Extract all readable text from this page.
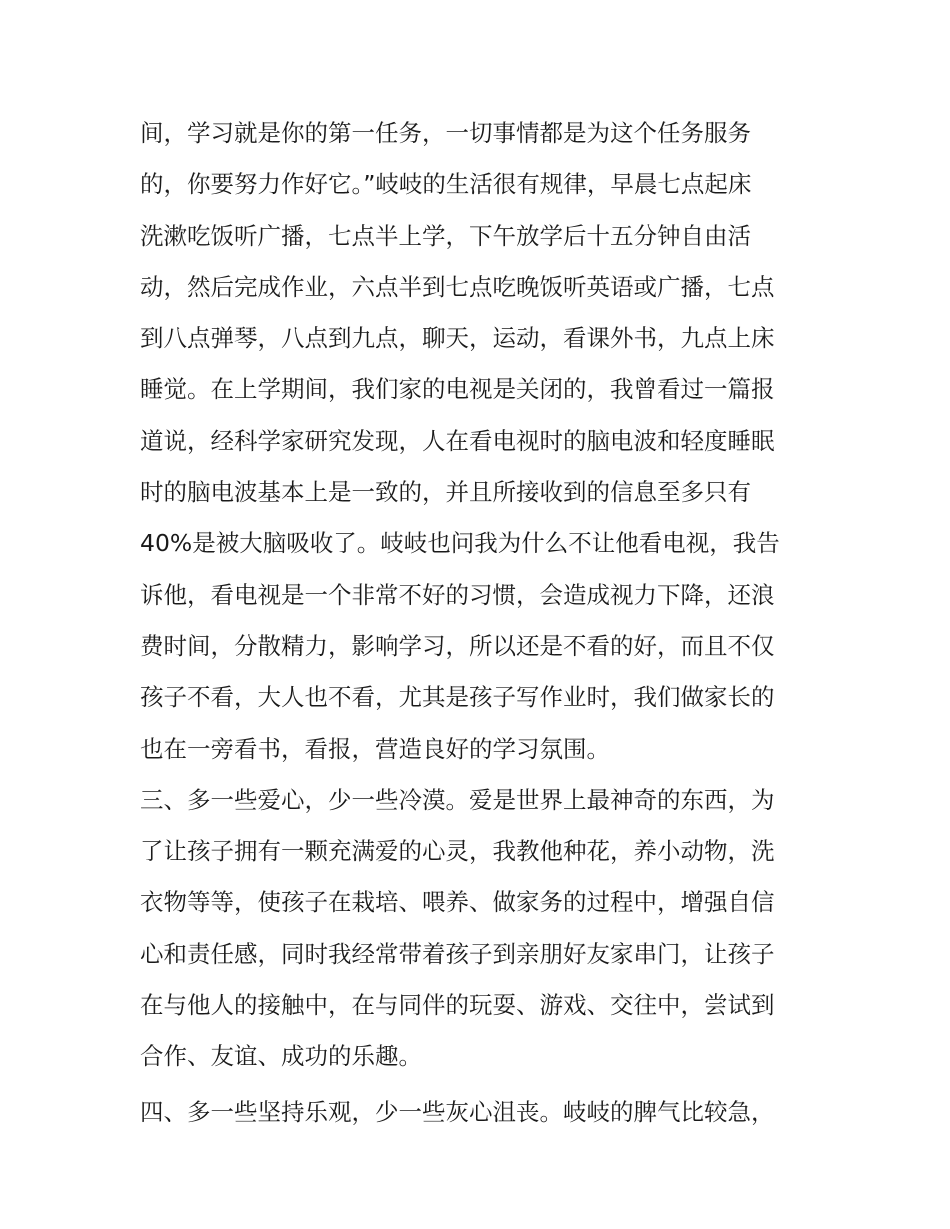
间，学习就是你的第一任务，一切事情都是为这个任务服务
的，你要努力作好它。”岐岐的生活很有规律，早晨七点起床
洗漱吃饭听广播，七点半上学，下午放学后十五分钟自由活
动，然后完成作业，六点半到七点吃晚饭听英语或广播，七点
到八点弹琴，八点到九点，聊天，运动，看课外书，九点上床
睡觉。在上学期间，我们家的电视是关闭的，我曾看过一篇报
道说，经科学家研究发现，人在看电视时的脑电波和轻度睡眠
时的脑电波基本上是一致的，并且所接收到的信息至多只有
40%是被大脑吸收了。岐岐也问我为什么不让他看电视，我告
诉他，看电视是一个非常不好的习惯，会造成视力下降，还浪
费时间，分散精力，影响学习，所以还是不看的好，而且不仅
孩子不看，大人也不看，尤其是孩子写作业时，我们做家长的
也在一旁看书，看报，营造良好的学习氛围。
三、多一些爱心，少一些冷漠。爱是世界上最神奇的东西，为
了让孩子拥有一颗充满爱的心灵，我教他种花，养小动物，洗
衣物等等，使孩子在栽培、喂养、做家务的过程中，增强自信
心和责任感，同时我经常带着孩子到亲朋好友家串门，让孩子
在与他人的接触中，在与同伴的玩耍、游戏、交往中，尝试到
合作、友谊、成功的乐趣。
四、多一些坚持乐观，少一些灰心沮丧。岐岐的脾气比较急，
